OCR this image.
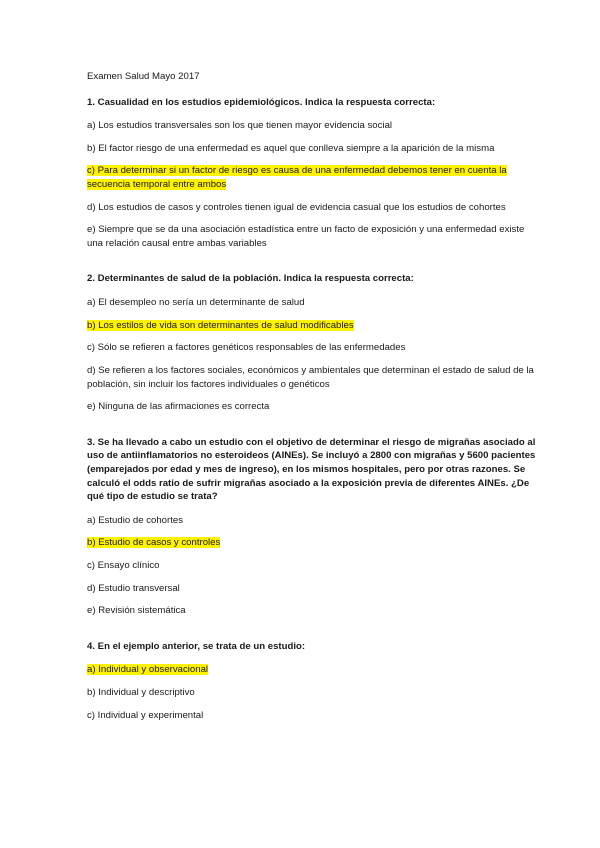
Examen Salud Mayo 2017
1. Casualidad en los estudios epidemiológicos. Indica la respuesta correcta:
a) Los estudios transversales son los que tienen mayor evidencia social
b) El factor riesgo de una enfermedad es aquel que conlleva siempre a la aparición de la misma
c) Para determinar si un factor de riesgo es causa de una enfermedad debemos tener en cuenta la secuencia temporal entre ambos
d) Los estudios de casos y controles tienen igual de evidencia casual que los estudios de cohortes
e) Siempre que se da una asociación estadística entre un facto de exposición y una enfermedad existe una relación causal entre ambas variables
2. Determinantes de salud de la población. Indica la respuesta correcta:
a) El desempleo no sería un determinante de salud
b) Los estilos de vida son determinantes de salud modificables
c) Sólo se refieren a factores genéticos responsables de las enfermedades
d) Se refieren a los factores sociales, económicos y ambientales que determinan el estado de salud de la población, sin incluir los factores individuales o genéticos
e) Ninguna de las afirmaciones es correcta
3. Se ha llevado a cabo un estudio con el objetivo de determinar el riesgo de migrañas asociado al uso de antiinflamatorios no esteroideos (AINEs). Se incluyó a 2800 con migrañas y 5600 pacientes (emparejados por edad y mes de ingreso), en los mismos hospitales, pero por otras razones. Se calculó el odds ratio de sufrir migrañas asociado a la exposición previa de diferentes AINEs. ¿De qué tipo de estudio se trata?
a) Estudio de cohortes
b) Estudio de casos y controles
c) Ensayo clínico
d) Estudio transversal
e) Revisión sistemática
4. En el ejemplo anterior, se trata de un estudio:
a) Individual y observacional
b) Individual y descriptivo
c) Individual y experimental
